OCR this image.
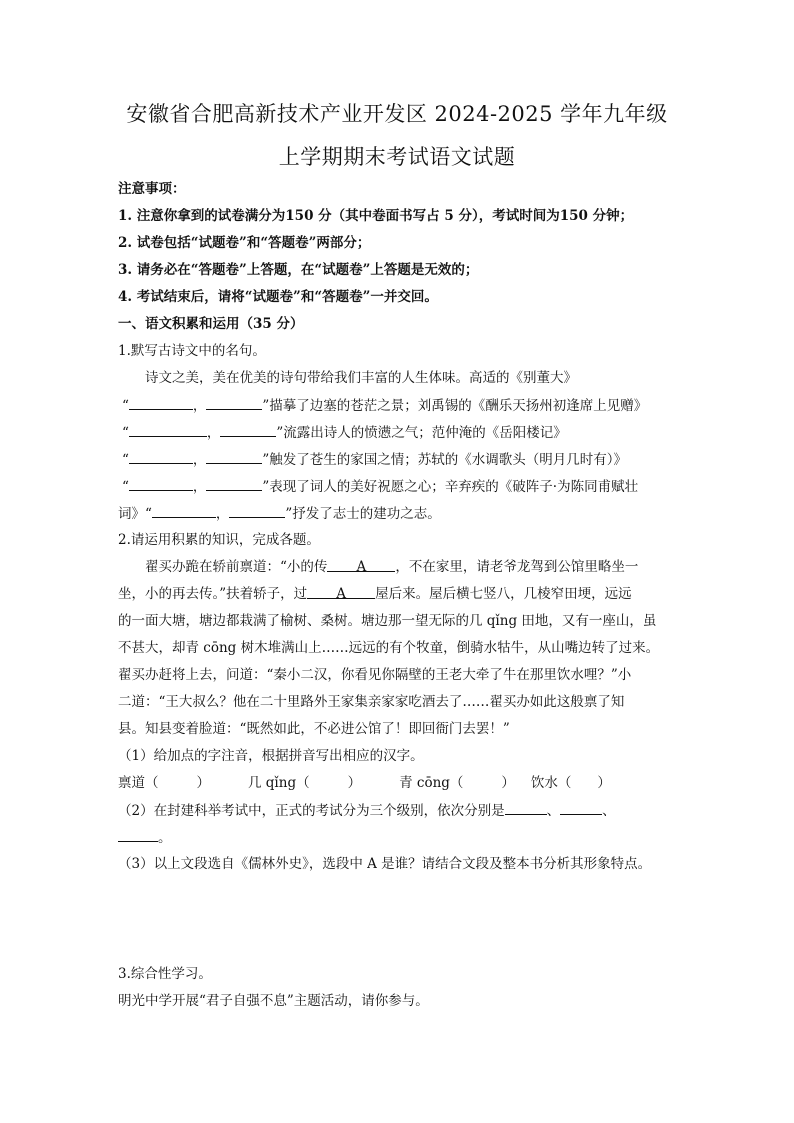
安徽省合肥高新技术产业开发区 2024-2025 学年九年级
上学期期末考试语文试题
注意事项：
1. 注意你拿到的试卷满分为150 分（其中卷面书写占 5 分），考试时间为150 分钟；
2. 试卷包括“试题卷”和“答题卷”两部分；
3. 请务必在“答题卷”上答题，在“试题卷”上答题是无效的；
4. 考试结束后，请将“试题卷”和“答题卷”一并交回。
一、语文积累和运用（35 分）
1.默写古诗文中的名句。
诗文之美，美在优美的诗句带给我们丰富的人生体味。高适的《别董大》
“	，	”描摹了边塞的苍茫之景；刘禹锡的《酬乐天扬州初逢席上见赠》
“	，	”流露出诗人的愤懑之气；范仲淹的《岳阳楼记》
“	，	”触发了苍生的家国之情；苏轼的《水调歌头（明月几时有）》
“	，	”表现了词人的美好祝愿之心；辛弃疾的《破阵子·为陈同甫赋壮
词》“	，	”抒发了志士的建功之志。
2.请运用积累的知识，完成各题。
翟买办跪在轿前禀道：“小的传 A ，不在家里，请老爷龙驾到公馆里略坐一
坐，小的再去传。”扶着轿子，过 A 屋后来。屋后横七竖八，几棱窄田埂，远远
的一面大塘，塘边都栽满了榆树、桑树。塘边那一望无际的几 qǐng 田地，又有一座山，虽
不甚大，却青 cōng 树木堆满山上……远远的有个牧童，倒骑水牯牛，从山嘴边转了过来。
翟买办赶将上去，问道：“秦小二汉，你看见你隔壁的王老大牵了牛在那里饮水哩？”小
二道：“王大叔么？他在二十里路外王家集亲家家吃酒去了……翟买办如此这般禀了知
县。知县变着脸道：“既然如此，不必进公馆了！即回衙门去罢！”
（1）给加点的字注音，根据拼音写出相应的汉字。
禀道（	）	几 qǐng（	）	青 cōng（	） 饮水（ ）
（2）在封建科举考试中，正式的考试分为三个级别，依次分别是	、	、
。
（3）以上文段选自《儒林外史》，选段中 A 是谁？请结合文段及整本书分析其形象特点。
3.综合性学习。
明光中学开展“君子自强不息”主题活动，请你参与。
